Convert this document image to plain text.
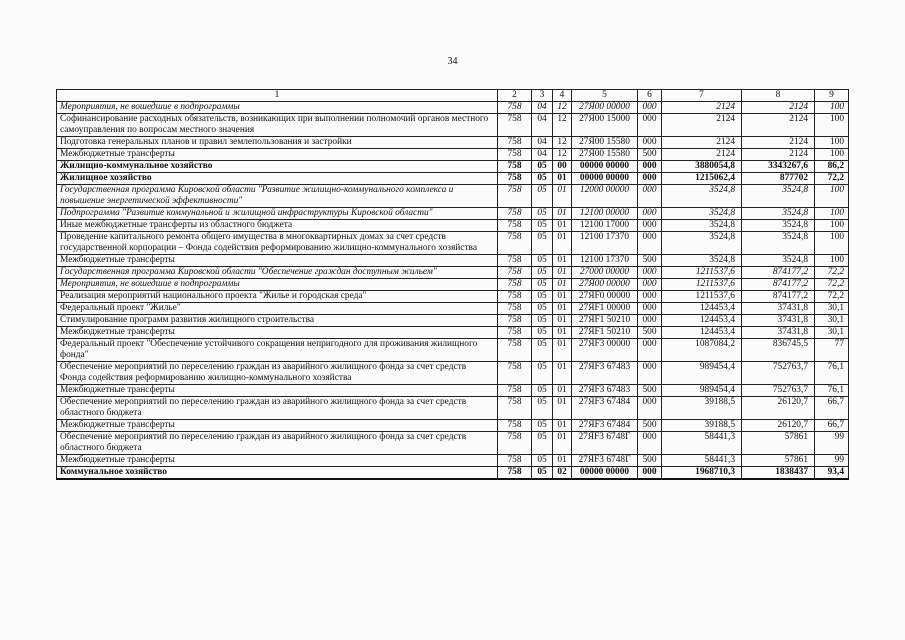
34
1	2	3	4	5	6	7	8	9
Мероприятия, не вошедшие в подпрограммы	758	04	12	27Я00 00000	000	2124	2124	100
Софинансирование расходных обязательств, возникающих при выполнении полномочий органов местного самоуправления по вопросам местного значения	758	04	12	27Я00 15000	000	2124	2124	100
Подготовка генеральных планов и правил землепользования и застройки	758	04	12	27Я00 15580	000	2124	2124	100
Межбюджетные трансферты	758	04	12	27Я00 15580	500	2124	2124	100
Жилищно-коммунальное хозяйство	758	05	00	00000 00000	000	3880054,8	3343267,6	86,2
Жилищное хозяйство	758	05	01	00000 00000	000	1215062,4	877702	72,2
Государственная программа Кировской области "Развитие жилищно-коммунального комплекса и повышение энергетической эффективности"	758	05	01	12000 00000	000	3524,8	3524,8	100
Подпрограмма "Развитие коммунальной и жилищной инфраструктуры Кировской области"	758	05	01	12100 00000	000	3524,8	3524,8	100
Иные межбюджетные трансферты из областного бюджета	758	05	01	12100 17000	000	3524,8	3524,8	100
Проведение капитального ремонта общего имущества в многоквартирных домах за счет средств государственной корпорации – Фонда содействия реформированию жилищно-коммунального хозяйства	758	05	01	12100 17370	000	3524,8	3524,8	100
Межбюджетные трансферты	758	05	01	12100 17370	500	3524,8	3524,8	100
Государственная программа Кировской области "Обеспечение граждан доступным жильем"	758	05	01	27000 00000	000	1211537,6	874177,2	72,2
Мероприятия, не вошедшие в подпрограммы	758	05	01	27Я00 00000	000	1211537,6	874177,2	72,2
Реализация мероприятий национального проекта "Жилье и городская среда"	758	05	01	27ЯF0 00000	000	1211537,6	874177,2	72,2
Федеральный проект "Жилье"	758	05	01	27ЯF1 00000	000	124453,4	37431,8	30,1
Стимулирование программ развития жилищного строительства	758	05	01	27ЯF1 50210	000	124453,4	37431,8	30,1
Межбюджетные трансферты	758	05	01	27ЯF1 50210	500	124453,4	37431,8	30,1
Федеральный проект "Обеспечение устойчивого сокращения непригодного для проживания жилищного фонда"	758	05	01	27ЯF3 00000	000	1087084,2	836745,5	77
Обеспечение мероприятий по переселению граждан из аварийного жилищного фонда за счет средств Фонда содействия реформированию жилищно-коммунального хозяйства	758	05	01	27ЯF3 67483	000	989454,4	752763,7	76,1
Межбюджетные трансферты	758	05	01	27ЯF3 67483	500	989454,4	752763,7	76,1
Обеспечение мероприятий по переселению граждан из аварийного жилищного фонда за счет средств областного бюджета	758	05	01	27ЯF3 67484	000	39188,5	26120,7	66,7
Межбюджетные трансферты	758	05	01	27ЯF3 67484	500	39188,5	26120,7	66,7
Обеспечение мероприятий по переселению граждан из аварийного жилищного фонда за счет средств областного бюджета	758	05	01	27ЯF3 6748Г	000	58441,3	57861	99
Межбюджетные трансферты	758	05	01	27ЯF3 6748Г	500	58441,3	57861	99
Коммунальное хозяйство	758	05	02	00000 00000	000	1968710,3	1838437	93,4
